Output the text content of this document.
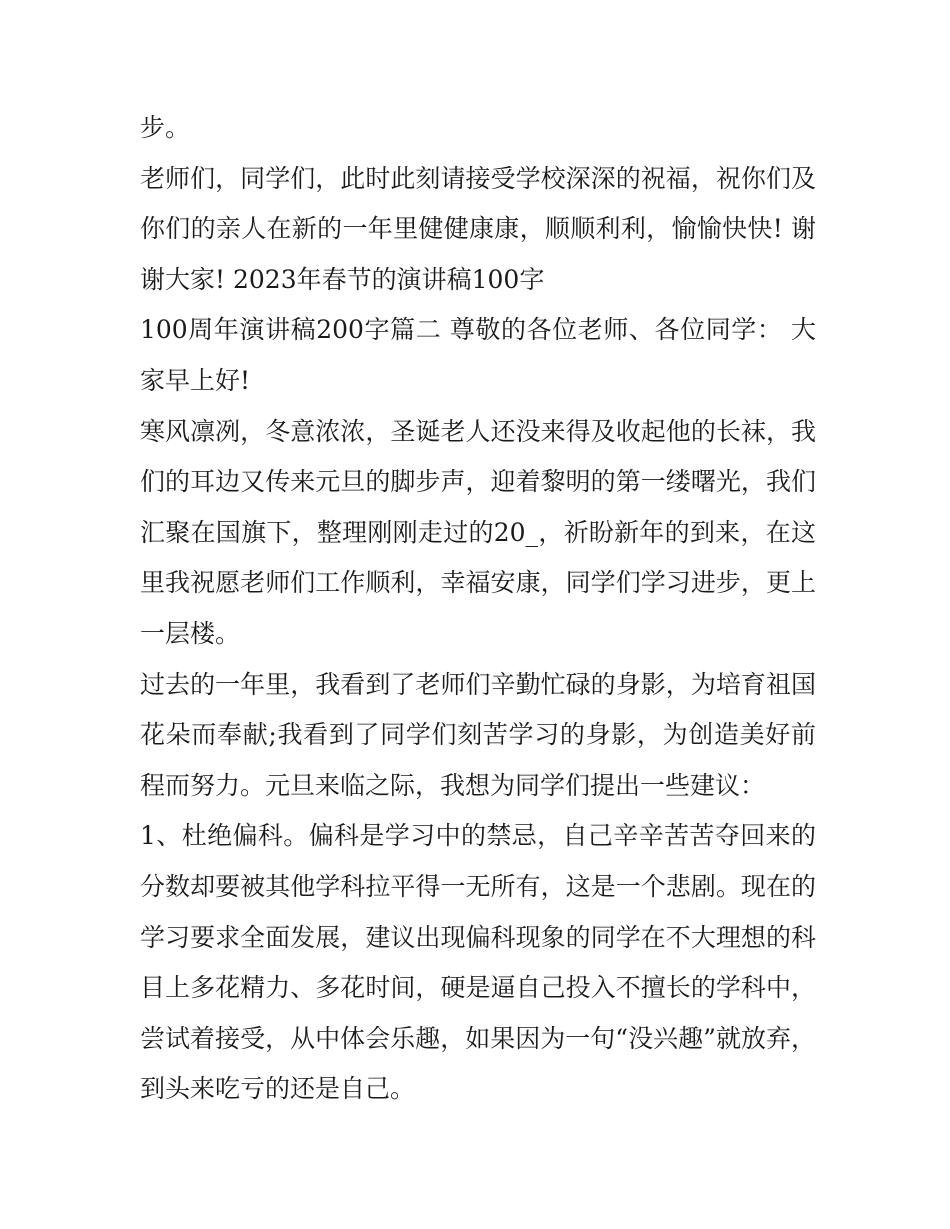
步。
老师们，同学们，此时此刻请接受学校深深的祝福，祝你们及
你们的亲人在新的一年里健健康康，顺顺利利，愉愉快快! 谢
谢大家! 2023年春节的演讲稿100字
100周年演讲稿200字篇二 尊敬的各位老师、各位同学： 大
家早上好!
寒风凛冽，冬意浓浓，圣诞老人还没来得及收起他的长袜，我
们的耳边又传来元旦的脚步声，迎着黎明的第一缕曙光，我们
汇聚在国旗下，整理刚刚走过的20_，祈盼新年的到来，在这
里我祝愿老师们工作顺利，幸福安康，同学们学习进步，更上
一层楼。
过去的一年里，我看到了老师们辛勤忙碌的身影，为培育祖国
花朵而奉献;我看到了同学们刻苦学习的身影，为创造美好前
程而努力。元旦来临之际，我想为同学们提出一些建议：
1、杜绝偏科。偏科是学习中的禁忌，自己辛辛苦苦夺回来的
分数却要被其他学科拉平得一无所有，这是一个悲剧。现在的
学习要求全面发展，建议出现偏科现象的同学在不大理想的科
目上多花精力、多花时间，硬是逼自己投入不擅长的学科中，
尝试着接受，从中体会乐趣，如果因为一句“没兴趣”就放弃，
到头来吃亏的还是自己。
